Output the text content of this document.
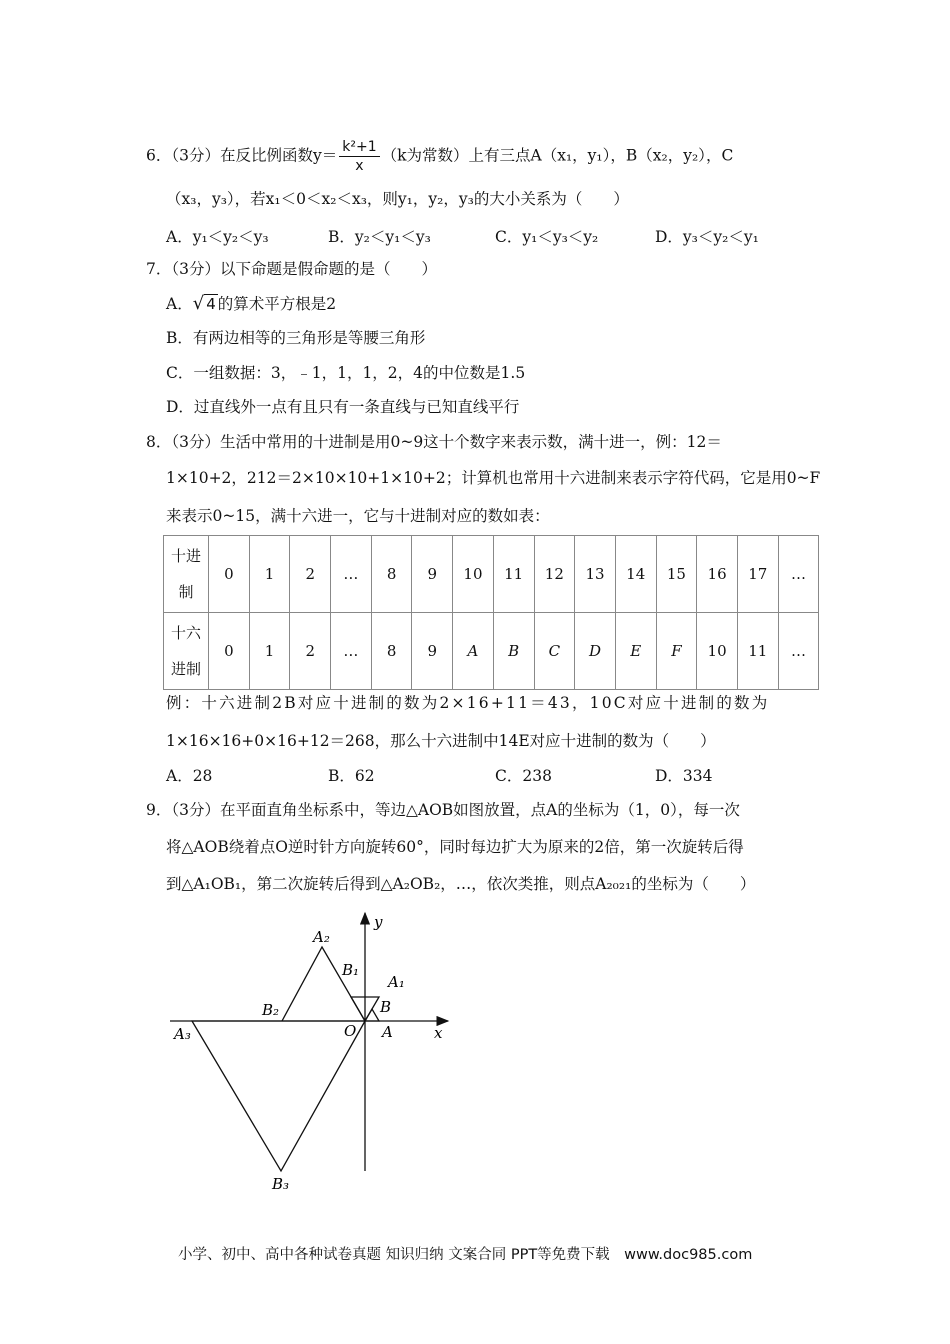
6．（3分）在反比例函数$y= \frac{\text{k²+1}}{x} (k$为常数）上有三点A（x₁，y₁），B（x₂，y₂），C
（x₃，y₃），若x₁＜0＜x₂＜x₃，则y₁，y₂，y₃的大小关系为（　　）
A．y₁＜y₂＜y₃	B．y₂＜y₁＜y₃	C．y₁＜y₃＜y₂	D．y₃＜y₂＜y₁
7．（3分）以下命题是假命题的是（　　）
A．√ 4 的算术平方根是2
B．有两边相等的三角形是等腰三角形
C．一组数据：3，﹣1，1，1，2，4的中位数是1.5
D．过直线外一点有且只有一条直线与已知直线平行
8．（3分）生活中常用的十进制是用0~9这十个数字来表示数，满十进一，例：12＝
1×10+2，212＝2×10×10+1×10+2；计算机也常用十六进制来表示字符代码，它是用0~F
来表示0~15，满十六进一，它与十进制对应的数如表：
十进
制	0	1	2	…	8	9	10	11	12	13	14	15	16	17	…
十六
进制	0	1	2	…	8	9	A	B	C	D	E	F	10	11	…
例：十六进制2B对应十进制的数为2×16+11＝43，10C对应十进制的数为
1×16×16+0×16+12＝268，那么十六进制中14E对应十进制的数为（　　）
A．28	B．62	C．238	D．334
9．（3分）在平面直角坐标系中，等边△AOB如图放置，点A的坐标为（1，0），每一次
将△AOB绕着点O逆时针方向旋转60°，同时每边扩大为原来的2倍，第一次旋转后得
到△A₁OB₁，第二次旋转后得到△A₂OB₂，…，依次类推，则点A₂₀₂₁的坐标为（　　）
y
x
O A
B
A₁
B₁
A₂
B₂
A₃
B₃
小学、初中、高中各种试卷真题 知识归纳 文案合同 PPT等免费下载　www.doc985.com
